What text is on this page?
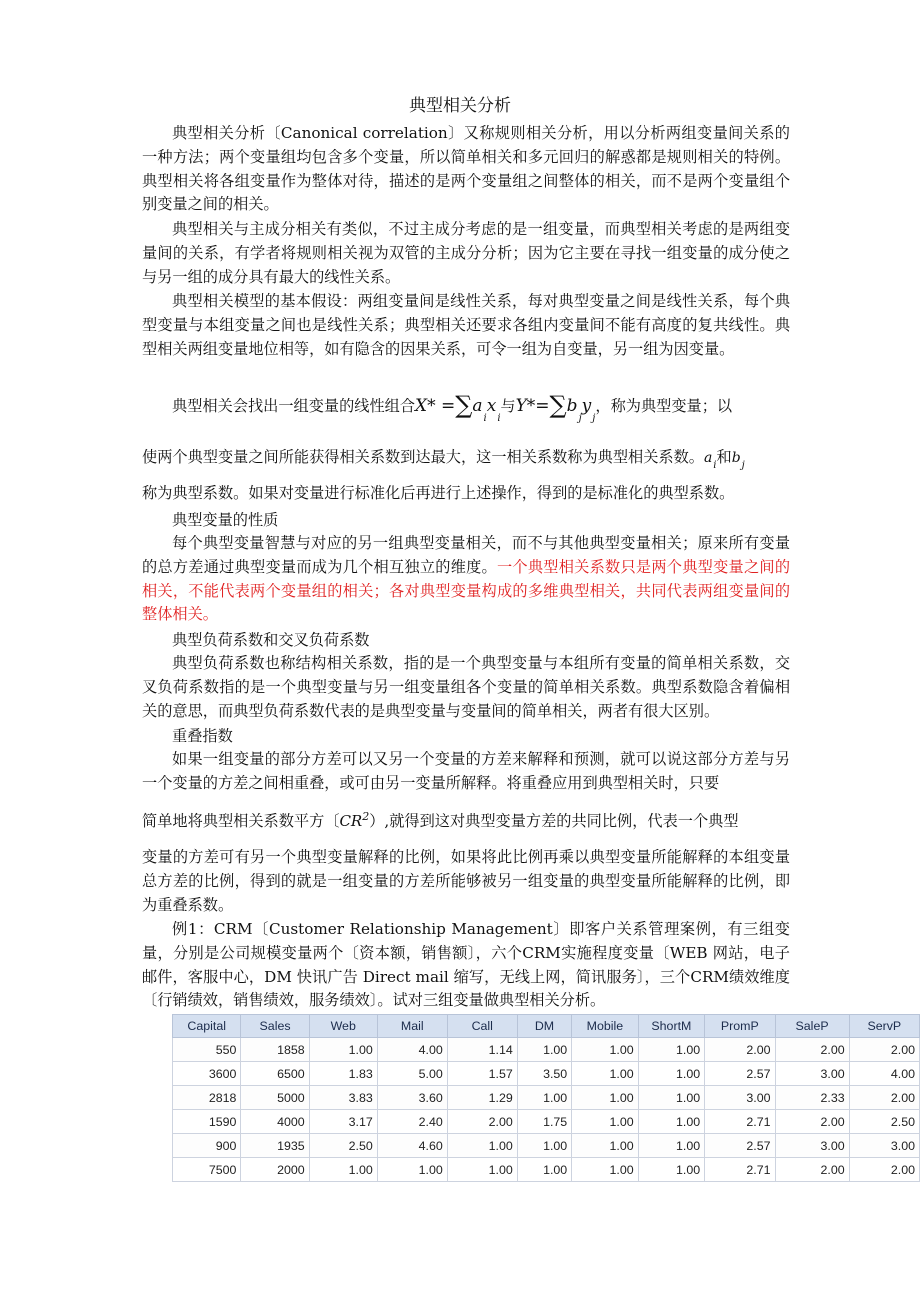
典型相关分析
典型相关分析〔Canonical correlation〕又称规则相关分析，用以分析两组变量间关系的一种方法；两个变量组均包含多个变量，所以简单相关和多元回归的解惑都是规则相关的特例。典型相关将各组变量作为整体对待，描述的是两个变量组之间整体的相关，而不是两个变量组个别变量之间的相关。
典型相关与主成分相关有类似，不过主成分考虑的是一组变量，而典型相关考虑的是两组变量间的关系，有学者将规则相关视为双管的主成分分析；因为它主要在寻找一组变量的成分使之与另一组的成分具有最大的线性关系。
典型相关模型的基本假设：两组变量间是线性关系，每对典型变量之间是线性关系，每个典型变量与本组变量之间也是线性关系；典型相关还要求各组内变量间不能有高度的复共线性。典型相关两组变量地位相等，如有隐含的因果关系，可令一组为自变量，另一组为因变量。
典型相关会找出一组变量的线性组合$X* =\sum a_ix_i$与$Y*=\sum b_jy_j$，称为典型变量；以
使两个典型变量之间所能获得相关系数到达最大，这一相关系数称为典型相关系数。$a_i$和$b_j$
称为典型系数。如果对变量进行标准化后再进行上述操作，得到的是标准化的典型系数。
典型变量的性质
每个典型变量智慧与对应的另一组典型变量相关，而不与其他典型变量相关；原来所有变量的总方差通过典型变量而成为几个相互独立的维度。一个典型相关系数只是两个典型变量之间的相关，不能代表两个变量组的相关；各对典型变量构成的多维典型相关，共同代表两组变量间的整体相关。
典型负荷系数和交叉负荷系数
典型负荷系数也称结构相关系数，指的是一个典型变量与本组所有变量的简单相关系数，交叉负荷系数指的是一个典型变量与另一组变量组各个变量的简单相关系数。典型系数隐含着偏相关的意思，而典型负荷系数代表的是典型变量与变量间的简单相关，两者有很大区别。
重叠指数
如果一组变量的部分方差可以又另一个变量的方差来解释和预测，就可以说这部分方差与另一个变量的方差之间相重叠，或可由另一变量所解释。将重叠应用到典型相关时，只要
简单地将典型相关系数平方〔$CR^2$）,就得到这对典型变量方差的共同比例，代表一个典型
变量的方差可有另一个典型变量解释的比例，如果将此比例再乘以典型变量所能解释的本组变量总方差的比例，得到的就是一组变量的方差所能够被另一组变量的典型变量所能解释的比例，即为重叠系数。
例1：CRM〔Customer Relationship Management〕即客户关系管理案例，有三组变量，分别是公司规模变量两个〔资本额，销售额〕，六个CRM实施程度变量〔WEB 网站，电子邮件，客服中心，DM 快讯广告 Direct mail 缩写，无线上网，简讯服务〕，三个CRM绩效维度〔行销绩效，销售绩效，服务绩效〕。试对三组变量做典型相关分析。
Capital	Sales	Web	Mail	Call	DM	Mobile	ShortM	PromP	SaleP	ServP
550	1858	1.00	4.00	1.14	1.00	1.00	1.00	2.00	2.00	2.00
3600	6500	1.83	5.00	1.57	3.50	1.00	1.00	2.57	3.00	4.00
2818	5000	3.83	3.60	1.29	1.00	1.00	1.00	3.00	2.33	2.00
1590	4000	3.17	2.40	2.00	1.75	1.00	1.00	2.71	2.00	2.50
900	1935	2.50	4.60	1.00	1.00	1.00	1.00	2.57	3.00	3.00
7500	2000	1.00	1.00	1.00	1.00	1.00	1.00	2.71	2.00	2.00
